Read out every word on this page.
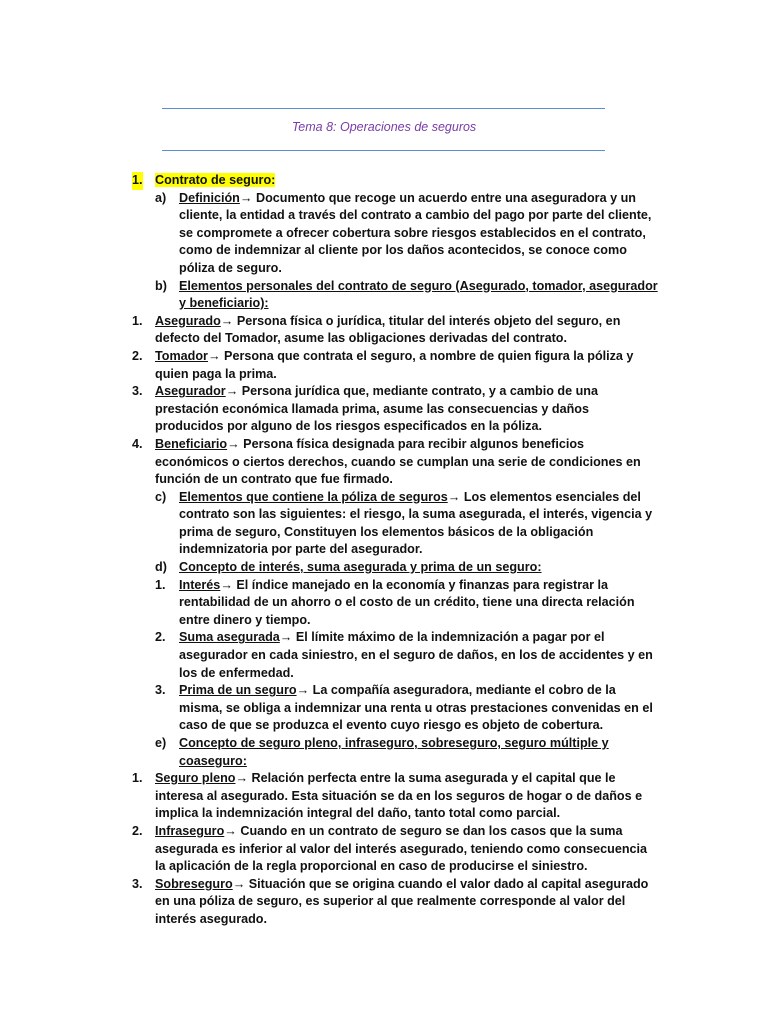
Tema 8: Operaciones de seguros
1. Contrato de seguro:
a) Definición→ Documento que recoge un acuerdo entre una aseguradora y un cliente, la entidad a través del contrato a cambio del pago por parte del cliente, se compromete a ofrecer cobertura sobre riesgos establecidos en el contrato, como de indemnizar al cliente por los daños acontecidos, se conoce como póliza de seguro.
b) Elementos personales del contrato de seguro (Asegurado, tomador, asegurador y beneficiario):
1. Asegurado→ Persona física o jurídica, titular del interés objeto del seguro, en defecto del Tomador, asume las obligaciones derivadas del contrato.
2. Tomador→ Persona que contrata el seguro, a nombre de quien figura la póliza y quien paga la prima.
3. Asegurador→ Persona jurídica que, mediante contrato, y a cambio de una prestación económica llamada prima, asume las consecuencias y daños producidos por alguno de los riesgos especificados en la póliza.
4. Beneficiario→ Persona física designada para recibir algunos beneficios económicos o ciertos derechos, cuando se cumplan una serie de condiciones en función de un contrato que fue firmado.
c) Elementos que contiene la póliza de seguros→ Los elementos esenciales del contrato son las siguientes: el riesgo, la suma asegurada, el interés, vigencia y prima de seguro, Constituyen los elementos básicos de la obligación indemnizatoria por parte del asegurador.
d) Concepto de interés, suma asegurada y prima de un seguro:
1. Interés→ El índice manejado en la economía y finanzas para registrar la rentabilidad de un ahorro o el costo de un crédito, tiene una directa relación entre dinero y tiempo.
2. Suma asegurada→ El límite máximo de la indemnización a pagar por el asegurador en cada siniestro, en el seguro de daños, en los de accidentes y en los de enfermedad.
3. Prima de un seguro→ La compañía aseguradora, mediante el cobro de la misma, se obliga a indemnizar una renta u otras prestaciones convenidas en el caso de que se produzca el evento cuyo riesgo es objeto de cobertura.
e) Concepto de seguro pleno, infraseguro, sobreseguro, seguro múltiple y coaseguro:
1. Seguro pleno→ Relación perfecta entre la suma asegurada y el capital que le interesa al asegurado. Esta situación se da en los seguros de hogar o de daños e implica la indemnización integral del daño, tanto total como parcial.
2. Infraseguro→ Cuando en un contrato de seguro se dan los casos que la suma asegurada es inferior al valor del interés asegurado, teniendo como consecuencia la aplicación de la regla proporcional en caso de producirse el siniestro.
3. Sobreseguro→ Situación que se origina cuando el valor dado al capital asegurado en una póliza de seguro, es superior al que realmente corresponde al valor del interés asegurado.
